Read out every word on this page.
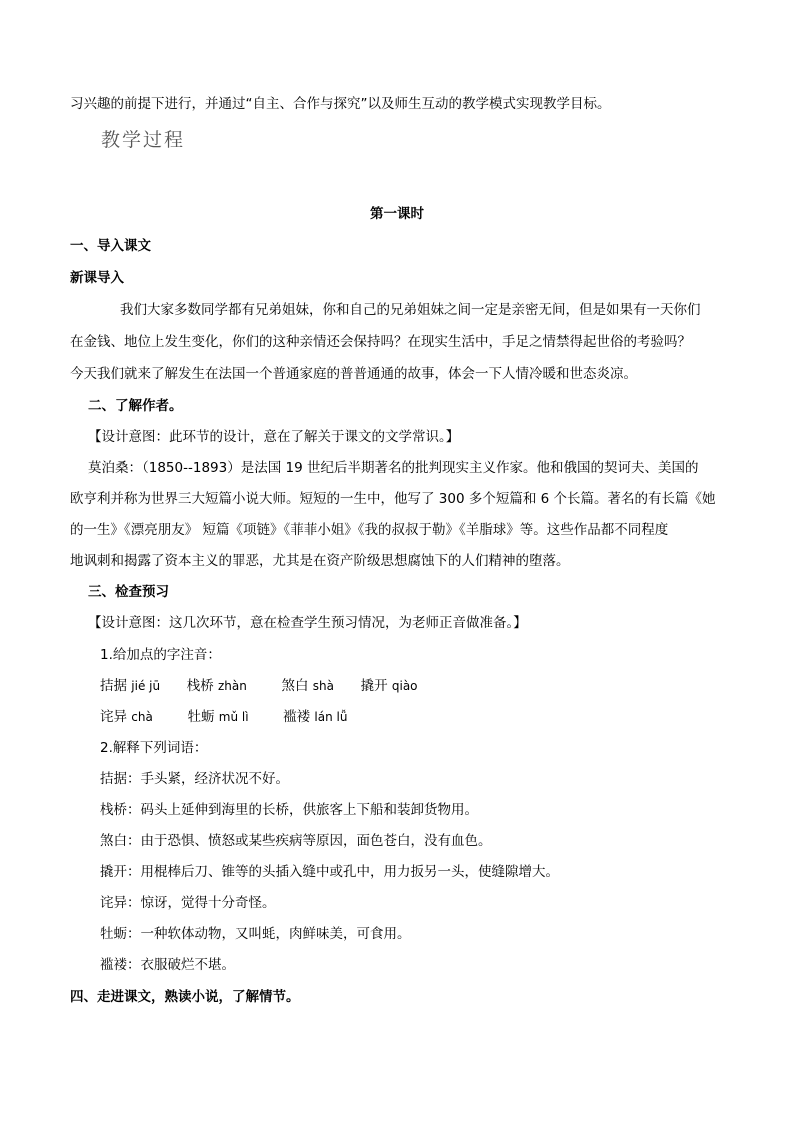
习兴趣的前提下进行，并通过“自主、合作与探究”以及师生互动的教学模式实现教学目标。
教学过程
第一课时
一、导入课文
新课导入
我们大家多数同学都有兄弟姐妹，你和自己的兄弟姐妹之间一定是亲密无间，但是如果有一天你们
在金钱、地位上发生变化，你们的这种亲情还会保持吗？在现实生活中，手足之情禁得起世俗的考验吗？
今天我们就来了解发生在法国一个普通家庭的普普通通的故事，体会一下人情冷暖和世态炎凉。
二、了解作者。
【设计意图：此环节的设计，意在了解关于课文的文学常识。】
莫泊桑：（1850--1893）是法国 19 世纪后半期著名的批判现实主义作家。他和俄国的契诃夫、美国的
欧亨利并称为世界三大短篇小说大师。短短的一生中，他写了 300 多个短篇和 6 个长篇。著名的有长篇《她
的一生》《漂亮朋友》 短篇《项链》《菲菲小姐》《我的叔叔于勒》《羊脂球》等。这些作品都不同程度
地讽刺和揭露了资本主义的罪恶，尤其是在资产阶级思想腐蚀下的人们精神的堕落。
三、检查预习
【设计意图：这几次环节，意在检查学生预习情况，为老师正音做准备。】
1.给加点的字注音：
拮据 jié jū 栈桥 zhàn	煞白 shà 撬开 qiào
诧异 chà	牡蛎 mǔ lì	褴褛 lán lǚ
2.解释下列词语：
拮据：手头紧，经济状况不好。
栈桥：码头上延伸到海里的长桥，供旅客上下船和装卸货物用。
煞白：由于恐惧、愤怒或某些疾病等原因，面色苍白，没有血色。
撬开：用棍棒后刀、锥等的头插入缝中或孔中，用力扳另一头，使缝隙增大。
诧异：惊讶，觉得十分奇怪。
牡蛎：一种软体动物，又叫蚝，肉鲜味美，可食用。
褴褛：衣服破烂不堪。
四、走进课文，熟读小说，了解情节。
